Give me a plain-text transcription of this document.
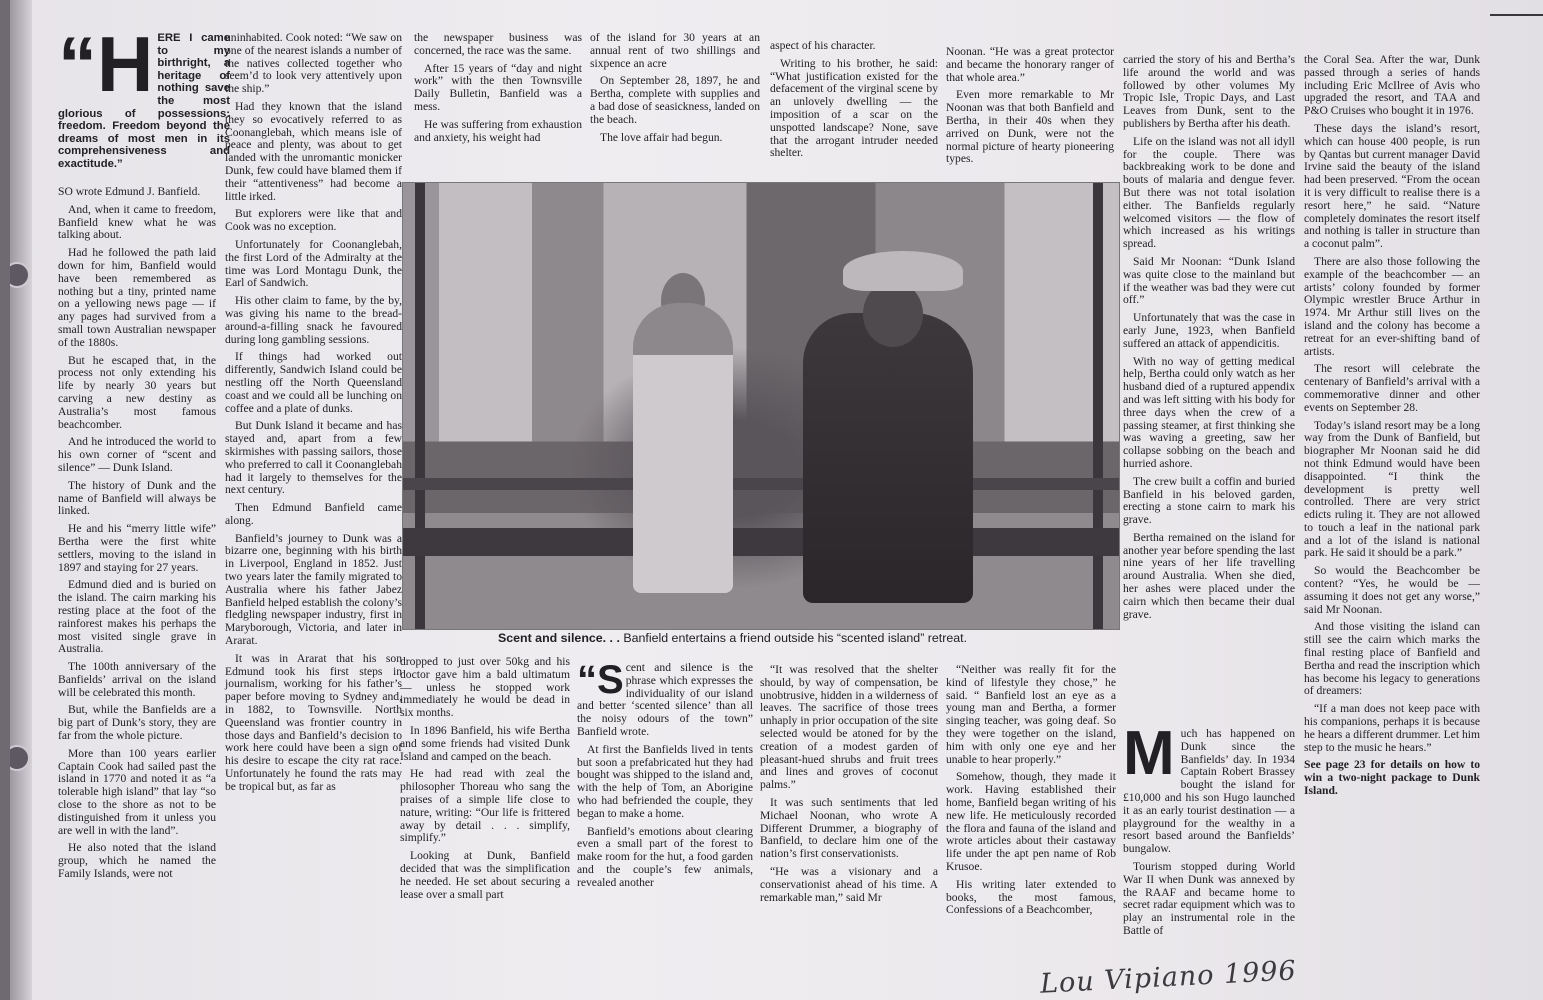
“H ERE I came to my birthright, a heritage of nothing save the most glorious of possessions: freedom. Freedom beyond the dreams of most men in its comprehensiveness and exactitude.”

SO wrote Edmund J. Banfield.

And, when it came to freedom, Banfield knew what he was talking about.

Had he followed the path laid down for him, Banfield would have been remembered as nothing but a tiny, printed name on a yellowing news page — if any pages had survived from a small town Australian newspaper of the 1880s.

But he escaped that, in the process not only extending his life by nearly 30 years but carving a new destiny as Australia’s most famous beachcomber.

And he introduced the world to his own corner of “scent and silence” — Dunk Island.

The history of Dunk and the name of Banfield will always be linked.

He and his “merry little wife” Bertha were the first white settlers, moving to the island in 1897 and staying for 27 years.

Edmund died and is buried on the island. The cairn marking his resting place at the foot of the rainforest makes his perhaps the most visited single grave in Australia.

The 100th anniversary of the Banfields’ arrival on the island will be celebrated this month.

But, while the Banfields are a big part of Dunk’s story, they are far from the whole picture.

More than 100 years earlier Captain Cook had sailed past the island in 1770 and noted it as “a tolerable high island” that lay “so close to the shore as not to be distinguished from it unless you are well in with the land”.

He also noted that the island group, which he named the Family Islands, were not

uninhabited. Cook noted: “We saw on one of the nearest islands a number of the natives collected together who seem’d to look very attentively upon the ship.”

Had they known that the island they so evocatively referred to as Coonanglebah, which means isle of peace and plenty, was about to get landed with the unromantic monicker Dunk, few could have blamed them if their “attentiveness” had become a little irked.

But explorers were like that and Cook was no exception.

Unfortunately for Coonanglebah, the first Lord of the Admiralty at the time was Lord Montagu Dunk, the Earl of Sandwich.

His other claim to fame, by the by, was giving his name to the bread-around-a-filling snack he favoured during long gambling sessions.

If things had worked out differently, Sandwich Island could be nestling off the North Queensland coast and we could all be lunching on coffee and a plate of dunks.

But Dunk Island it became and has stayed and, apart from a few skirmishes with passing sailors, those who preferred to call it Coonanglebah had it largely to themselves for the next century.

Then Edmund Banfield came along.

Banfield’s journey to Dunk was a bizarre one, beginning with his birth in Liverpool, England in 1852. Just two years later the family migrated to Australia where his father Jabez Banfield helped establish the colony’s fledgling newspaper industry, first in Maryborough, Victoria, and later in Ararat.

It was in Ararat that his son Edmund took his first steps in journalism, working for his father’s paper before moving to Sydney and, in 1882, to Townsville. North Queensland was frontier country in those days and Banfield’s decision to work here could have been a sign of his desire to escape the city rat race. Unfortunately he found the rats may be tropical but, as far as

the newspaper business was concerned, the race was the same.

After 15 years of “day and night work” with the then Townsville Daily Bulletin, Banfield was a mess.

He was suffering from exhaustion and anxiety, his weight had

of the island for 30 years at an annual rent of two shillings and sixpence an acre

On September 28, 1897, he and Bertha, complete with supplies and a bad dose of seasickness, landed on the beach.

The love affair had begun.

aspect of his character.

Writing to his brother, he said: “What justification existed for the defacement of the virginal scene by an unlovely dwelling — the imposition of a scar on the unspotted landscape? None, save that the arrogant intruder needed shelter.

Noonan. “He was a great protector and became the honorary ranger of that whole area.”

Even more remarkable to Mr Noonan was that both Banfield and Bertha, in their 40s when they arrived on Dunk, were not the normal picture of hearty pioneering types.

Scent and silence. . . Banfield entertains a friend outside his “scented island” retreat.

dropped to just over 50kg and his doctor gave him a bald ultimatum — unless he stopped work immediately he would be dead in six months.

In 1896 Banfield, his wife Bertha and some friends had visited Dunk Island and camped on the beach.

He had read with zeal the philosopher Thoreau who sang the praises of a simple life close to nature, writing: “Our life is frittered away by detail . . . simplify, simplify.”

Looking at Dunk, Banfield decided that was the simplification he needed. He set about securing a lease over a small part

“Scent and silence is the phrase which expresses the individuality of our island and better ‘scented silence’ than all the noisy odours of the town” Banfield wrote.

At first the Banfields lived in tents but soon a prefabricated hut they had bought was shipped to the island and, with the help of Tom, an Aborigine who had befriended the couple, they began to make a home.

Banfield’s emotions about clearing even a small part of the forest to make room for the hut, a food garden and the couple’s few animals, revealed another

“It was resolved that the shelter should, by way of compensation, be unobtrusive, hidden in a wilderness of leaves. The sacrifice of those trees unhaply in prior occupation of the site selected would be atoned for by the creation of a modest garden of pleasant-hued shrubs and fruit trees and lines and groves of coconut palms.”

It was such sentiments that led Michael Noonan, who wrote A Different Drummer, a biography of Banfield, to declare him one of the nation’s first conservationists.

“He was a visionary and a conservationist ahead of his time. A remarkable man,” said Mr

“Neither was really fit for the kind of lifestyle they chose,” he said. “ Banfield lost an eye as a young man and Bertha, a former singing teacher, was going deaf. So they were together on the island, him with only one eye and her unable to hear properly.”

Somehow, though, they made it work. Having established their home, Banfield began writing of his new life. He meticulously recorded the flora and fauna of the island and wrote articles about their castaway life under the apt pen name of Rob Krusoe.

His writing later extended to books, the most famous, Confessions of a Beachcomber,

carried the story of his and Bertha’s life around the world and was followed by other volumes My Tropic Isle, Tropic Days, and Last Leaves from Dunk, sent to the publishers by Bertha after his death.

Life on the island was not all idyll for the couple. There was backbreaking work to be done and bouts of malaria and dengue fever. But there was not total isolation either. The Banfields regularly welcomed visitors — the flow of which increased as his writings spread.

Said Mr Noonan: “Dunk Island was quite close to the mainland but if the weather was bad they were cut off.”

Unfortunately that was the case in early June, 1923, when Banfield suffered an attack of appendicitis.

With no way of getting medical help, Bertha could only watch as her husband died of a ruptured appendix and was left sitting with his body for three days when the crew of a passing steamer, at first thinking she was waving a greeting, saw her collapse sobbing on the beach and hurried ashore.

The crew built a coffin and buried Banfield in his beloved garden, erecting a stone cairn to mark his grave.

Bertha remained on the island for another year before spending the last nine years of her life travelling around Australia. When she died, her ashes were placed under the cairn which then became their dual grave.

Much has happened on Dunk since the Banfields’ day. In 1934 Captain Robert Brassey bought the island for £10,000 and his son Hugo launched it as an early tourist destination — a playground for the wealthy in a resort based around the Banfields’ bungalow.

Tourism stopped during World War II when Dunk was annexed by the RAAF and became home to secret radar equipment which was to play an instrumental role in the Battle of

the Coral Sea. After the war, Dunk passed through a series of hands including Eric McIlree of Avis who upgraded the resort, and TAA and P&O Cruises who bought it in 1976.

These days the island’s resort, which can house 400 people, is run by Qantas but current manager David Irvine said the beauty of the island had been preserved. “From the ocean it is very difficult to realise there is a resort here,” he said. “Nature completely dominates the resort itself and nothing is taller in structure than a coconut palm”.

There are also those following the example of the beachcomber — an artists’ colony founded by former Olympic wrestler Bruce Arthur in 1974. Mr Arthur still lives on the island and the colony has become a retreat for an ever-shifting band of artists.

The resort will celebrate the centenary of Banfield’s arrival with a commemorative dinner and other events on September 28.

Today’s island resort may be a long way from the Dunk of Banfield, but biographer Mr Noonan said he did not think Edmund would have been disappointed. “I think the development is pretty well controlled. There are very strict edicts ruling it. They are not allowed to touch a leaf in the national park and a lot of the island is national park. He said it should be a park.”

So would the Beachcomber be content? “Yes, he would be — assuming it does not get any worse,” said Mr Noonan.

And those visiting the island can still see the cairn which marks the final resting place of Banfield and Bertha and read the inscription which has become his legacy to generations of dreamers:

“If a man does not keep pace with his companions, perhaps it is because he hears a different drummer. Let him step to the music he hears.”

See page 23 for details on how to win a two-night package to Dunk Island.

Lou Vipiano 1996
